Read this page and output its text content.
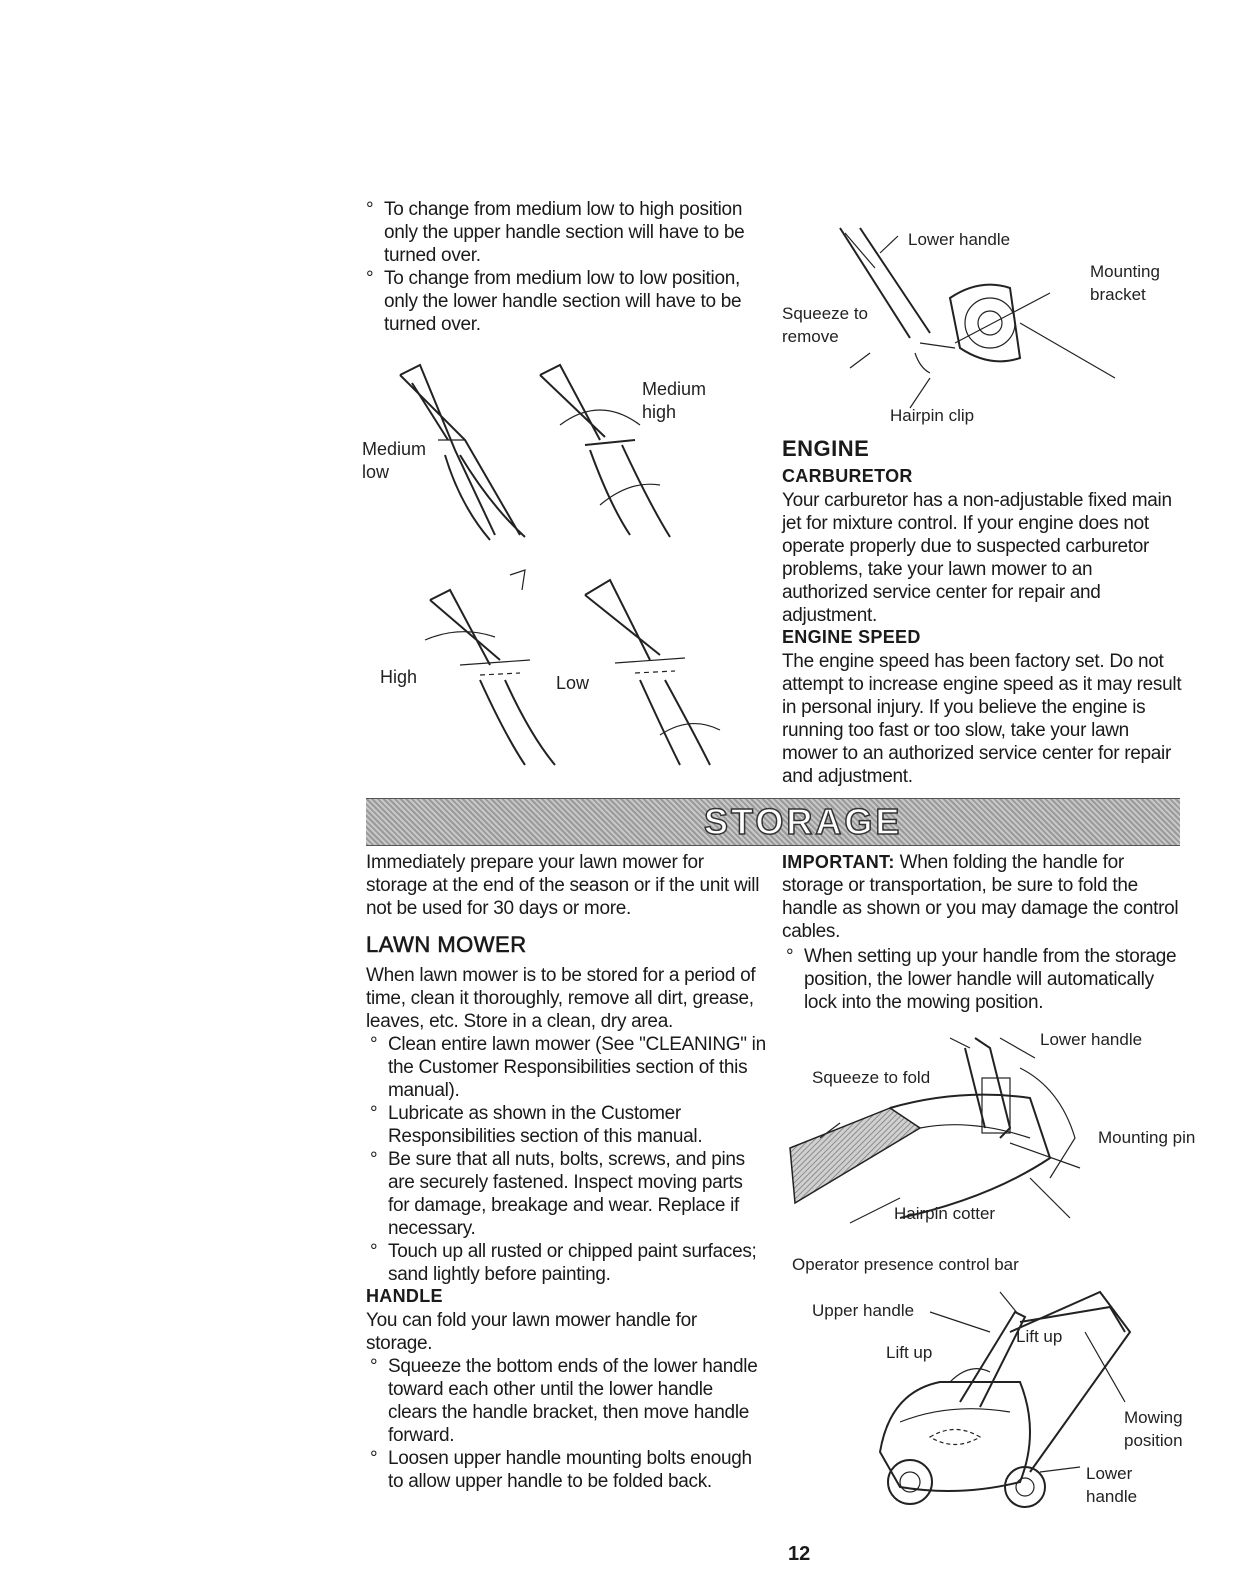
° To change from medium low to high position only the upper handle section will have to be turned over.
° To change from medium low to low position, only the lower handle section will have to be turned over.
Medium high
Medium low
High	Low
Lower handle
Mounting bracket
Squeeze to remove
Hairpin clip
ENGINE
CARBURETOR
Your carburetor has a non-adjustable fixed main jet for mixture control. If your engine does not operate properly due to suspected carburetor problems, take your lawn mower to an authorized service center for repair and adjustment.
ENGINE SPEED
The engine speed has been factory set. Do not attempt to increase engine speed as it may result in personal injury. If you believe the engine is running too fast or too slow, take your lawn mower to an authorized service center for repair and adjustment.
STORAGE
Immediately prepare your lawn mower for storage at the end of the season or if the unit will not be used for 30 days or more.
LAWN MOWER
When lawn mower is to be stored for a period of time, clean it thoroughly, remove all dirt, grease, leaves, etc. Store in a clean, dry area.
° Clean entire lawn mower (See "CLEANING" in the Customer Responsibilities section of this manual).
° Lubricate as shown in the Customer Responsibilities section of this manual.
° Be sure that all nuts, bolts, screws, and pins are securely fastened. Inspect moving parts for damage, breakage and wear. Replace if necessary.
° Touch up all rusted or chipped paint surfaces; sand lightly before painting.
HANDLE
You can fold your lawn mower handle for storage.
° Squeeze the bottom ends of the lower handle toward each other until the lower handle clears the handle bracket, then move handle forward.
° Loosen upper handle mounting bolts enough to allow upper handle to be folded back.
IMPORTANT: When folding the handle for storage or transportation, be sure to fold the handle as shown or you may damage the control cables.
° When setting up your handle from the storage position, the lower handle will automatically lock into the mowing position.
Lower handle
Squeeze to fold
Mounting pin
Hairpin cotter
Operator presence control bar
Upper handle
Lift up
Lift up
Mowing position
Lower handle
12
